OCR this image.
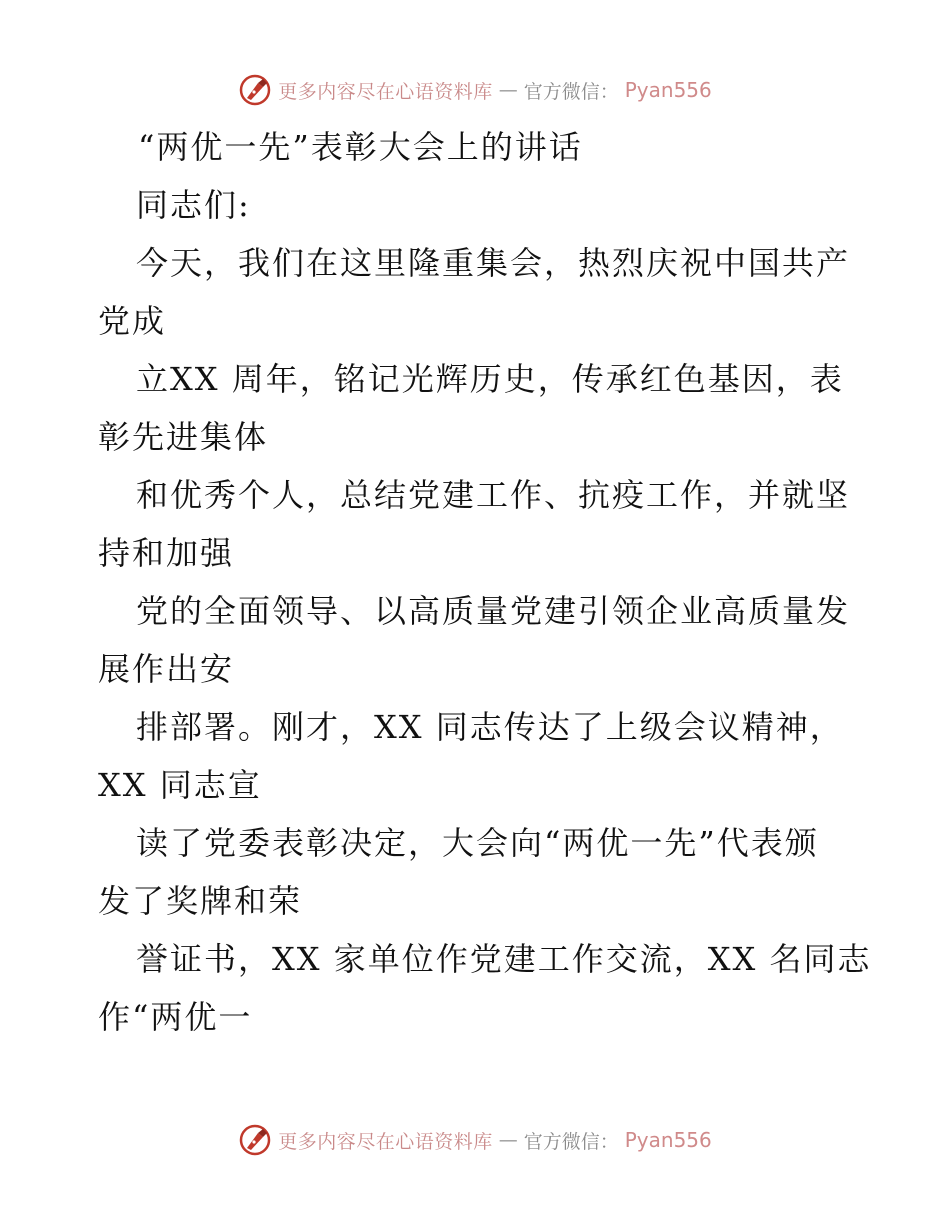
更多内容尽在心语资料库 — 官方微信： Pyan556
“两优一先”表彰大会上的讲话
同志们:
今天，我们在这里隆重集会，热烈庆祝中国共产
党成
立XX 周年，铭记光辉历史，传承红色基因，表
彰先进集体
和优秀个人，总结党建工作、抗疫工作，并就坚
持和加强
党的全面领导、以高质量党建引领企业高质量发
展作出安
排部署。刚才，XX 同志传达了上级会议精神，
XX 同志宣
读了党委表彰决定，大会向“两优一先”代表颁
发了奖牌和荣
誉证书，XX 家单位作党建工作交流，XX 名同志
作“两优一
更多内容尽在心语资料库 — 官方微信： Pyan556
